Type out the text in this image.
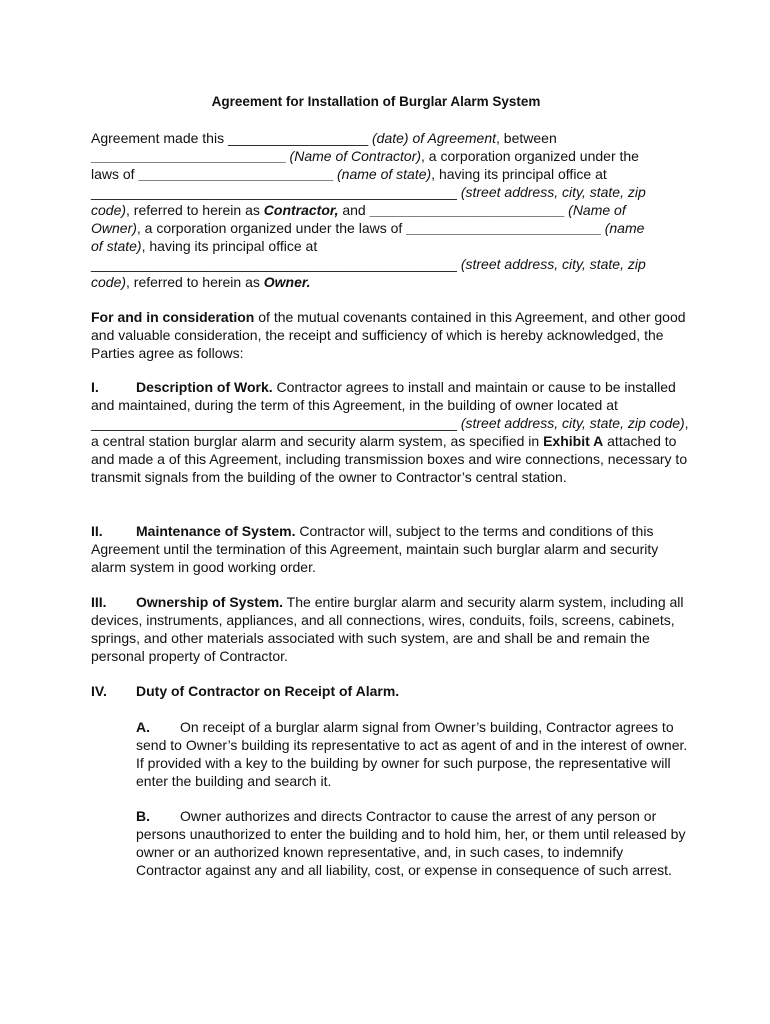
Agreement for Installation of Burglar Alarm System

Agreement made this __________________ (date) of Agreement, between
_________________________ (Name of Contractor), a corporation organized under the
laws of _________________________ (name of state), having its principal office at
_______________________________________________ (street address, city, state, zip
code), referred to herein as Contractor, and _________________________ (Name of
Owner), a corporation organized under the laws of _________________________ (name
of state), having its principal office at
_______________________________________________ (street address, city, state, zip
code), referred to herein as Owner.

For and in consideration of the mutual covenants contained in this Agreement, and other good and valuable consideration, the receipt and sufficiency of which is hereby acknowledged, the Parties agree as follows:

I.	Description of Work. Contractor agrees to install and maintain or cause to be installed and maintained, during the term of this Agreement, in the building of owner located at _______________________________________________ (street address, city, state, zip code), a central station burglar alarm and security alarm system, as specified in Exhibit A attached to and made a of this Agreement, including transmission boxes and wire connections, necessary to transmit signals from the building of the owner to Contractor’s central station.

II. Maintenance of System. Contractor will, subject to the terms and conditions of this Agreement until the termination of this Agreement, maintain such burglar alarm and security alarm system in good working order.

III. Ownership of System. The entire burglar alarm and security alarm system, including all devices, instruments, appliances, and all connections, wires, conduits, foils, screens, cabinets, springs, and other materials associated with such system, are and shall be and remain the personal property of Contractor.

IV. Duty of Contractor on Receipt of Alarm.

A. On receipt of a burglar alarm signal from Owner’s building, Contractor agrees to send to Owner’s building its representative to act as agent of and in the interest of owner. If provided with a key to the building by owner for such purpose, the representative will enter the building and search it.

B. Owner authorizes and directs Contractor to cause the arrest of any person or persons unauthorized to enter the building and to hold him, her, or them until released by owner or an authorized known representative, and, in such cases, to indemnify Contractor against any and all liability, cost, or expense in consequence of such arrest.
